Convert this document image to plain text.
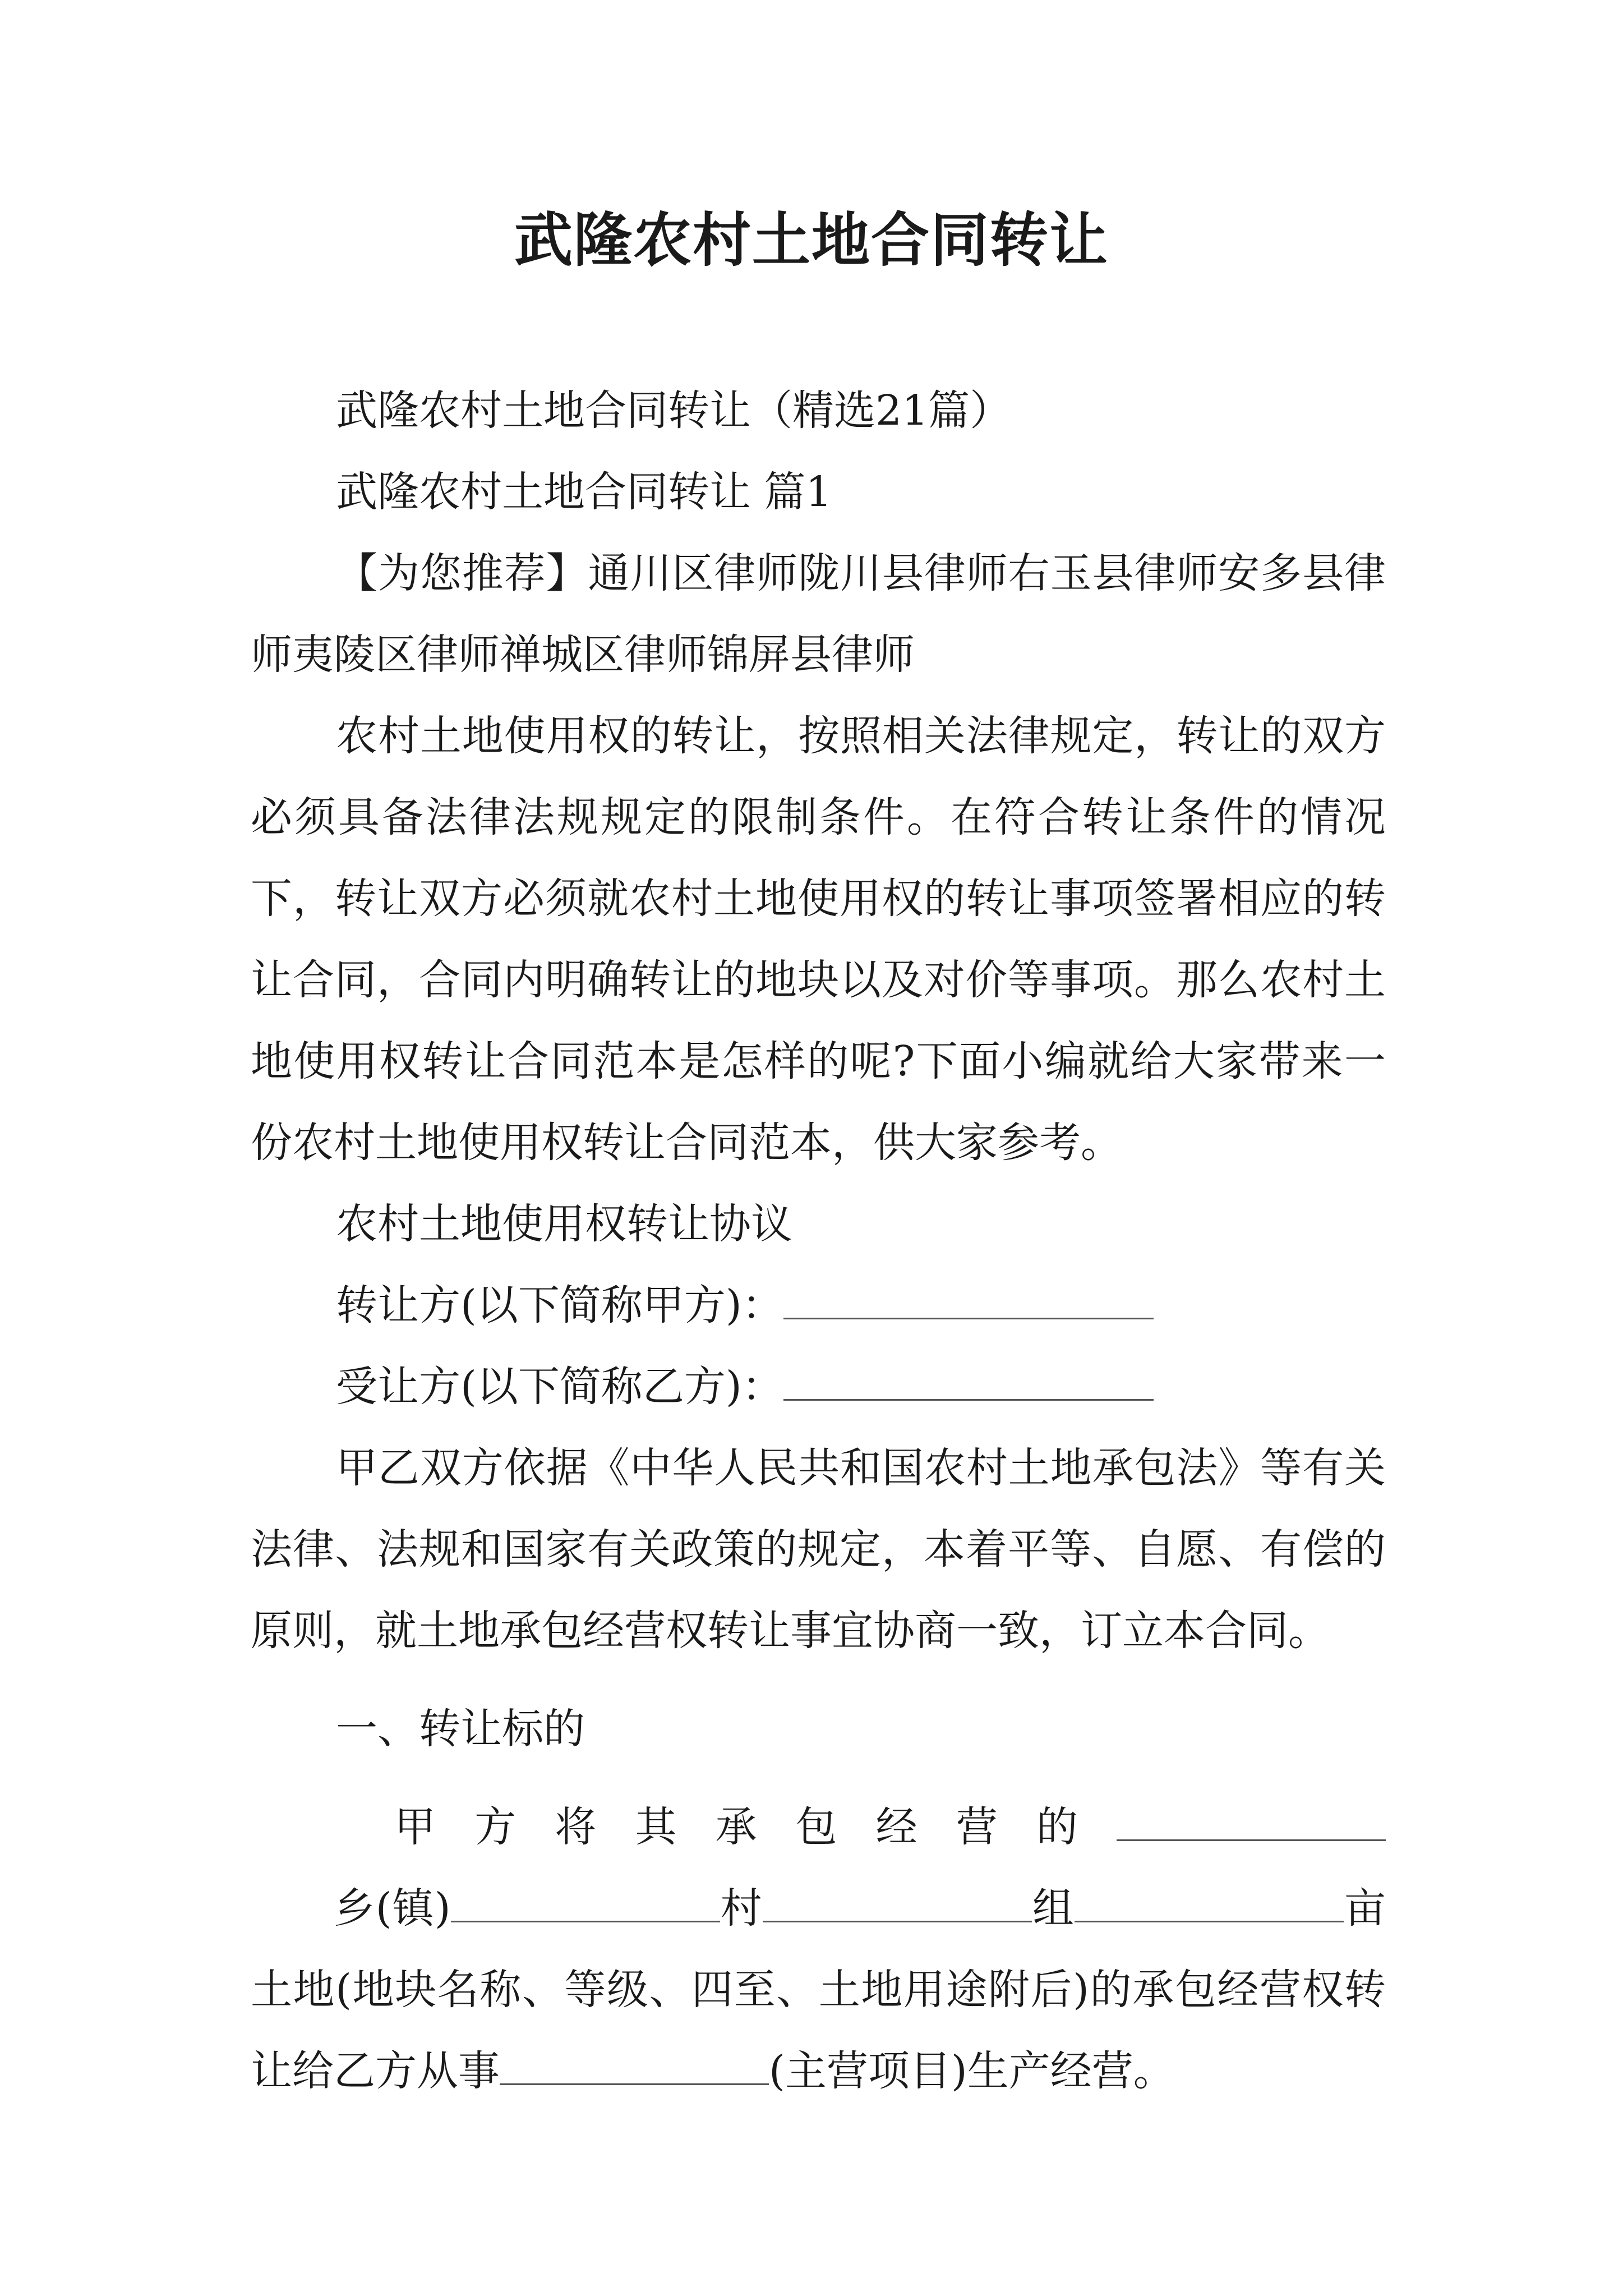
武隆农村土地合同转让

武隆农村土地合同转让（精选21篇）

武隆农村土地合同转让 篇1

【为您推荐】通川区律师陇川县律师右玉县律师安多县律师夷陵区律师禅城区律师锦屏县律师

农村土地使用权的转让，按照相关法律规定，转让的双方必须具备法律法规规定的限制条件。在符合转让条件的情况下，转让双方必须就农村土地使用权的转让事项签署相应的转让合同，合同内明确转让的地块以及对价等事项。那么农村土地使用权转让合同范本是怎样的呢?下面小编就给大家带来一份农村土地使用权转让合同范本，供大家参考。

农村土地使用权转让协议

转让方(以下简称甲方)：

受让方(以下简称乙方)：

甲乙双方依据《中华人民共和国农村土地承包法》等有关法律、法规和国家有关政策的规定，本着平等、自愿、有偿的原则，就土地承包经营权转让事宜协商一致，订立本合同。

一、转让标的

甲方将其承包经营的      乡(镇)	村	组	亩土地(地块名称、等级、四至、土地用途附后)的承包经营权转让给乙方从事	(主营项目)生产经营。
